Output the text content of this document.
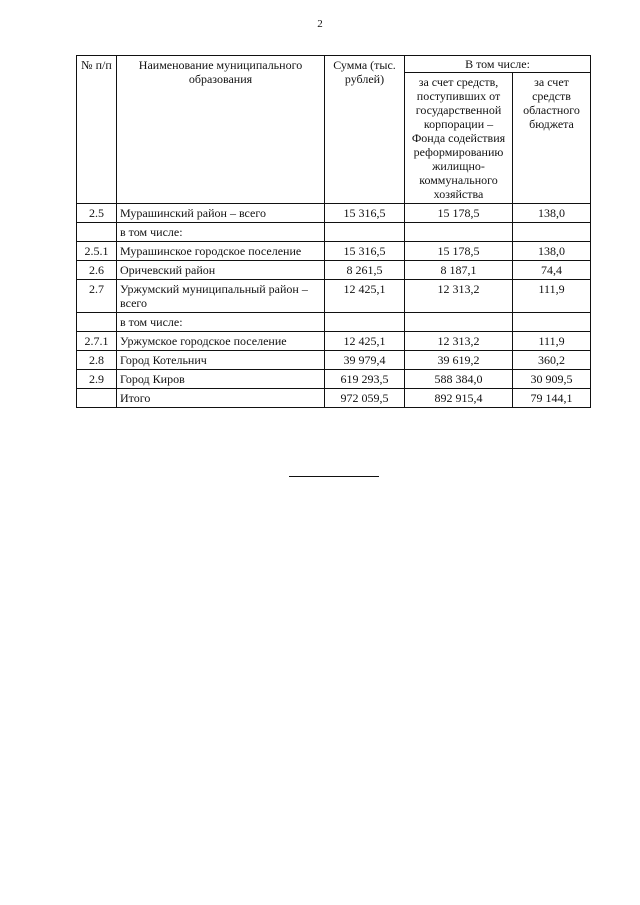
2
№ п/п	Наименование муниципального образования	Сумма (тыс. рублей)	В том числе:	
			за счет средств, поступивших от государственной корпорации – Фонда содействия реформированию жилищно-коммунального хозяйства	за счет средств областного бюджета
2.5	Мурашинский район – всего	15 316,5	15 178,5	138,0
	в том числе:			
2.5.1	Мурашинское городское поселение	15 316,5	15 178,5	138,0
2.6	Оричевский район	8 261,5	8 187,1	74,4
2.7	Уржумский муниципальный район – всего	12 425,1	12 313,2	111,9
	в том числе:			
2.7.1	Уржумское городское поселение	12 425,1	12 313,2	111,9
2.8	Город Котельнич	39 979,4	39 619,2	360,2
2.9	Город Киров	619 293,5	588 384,0	30 909,5
	Итого	972 059,5	892 915,4	79 144,1
